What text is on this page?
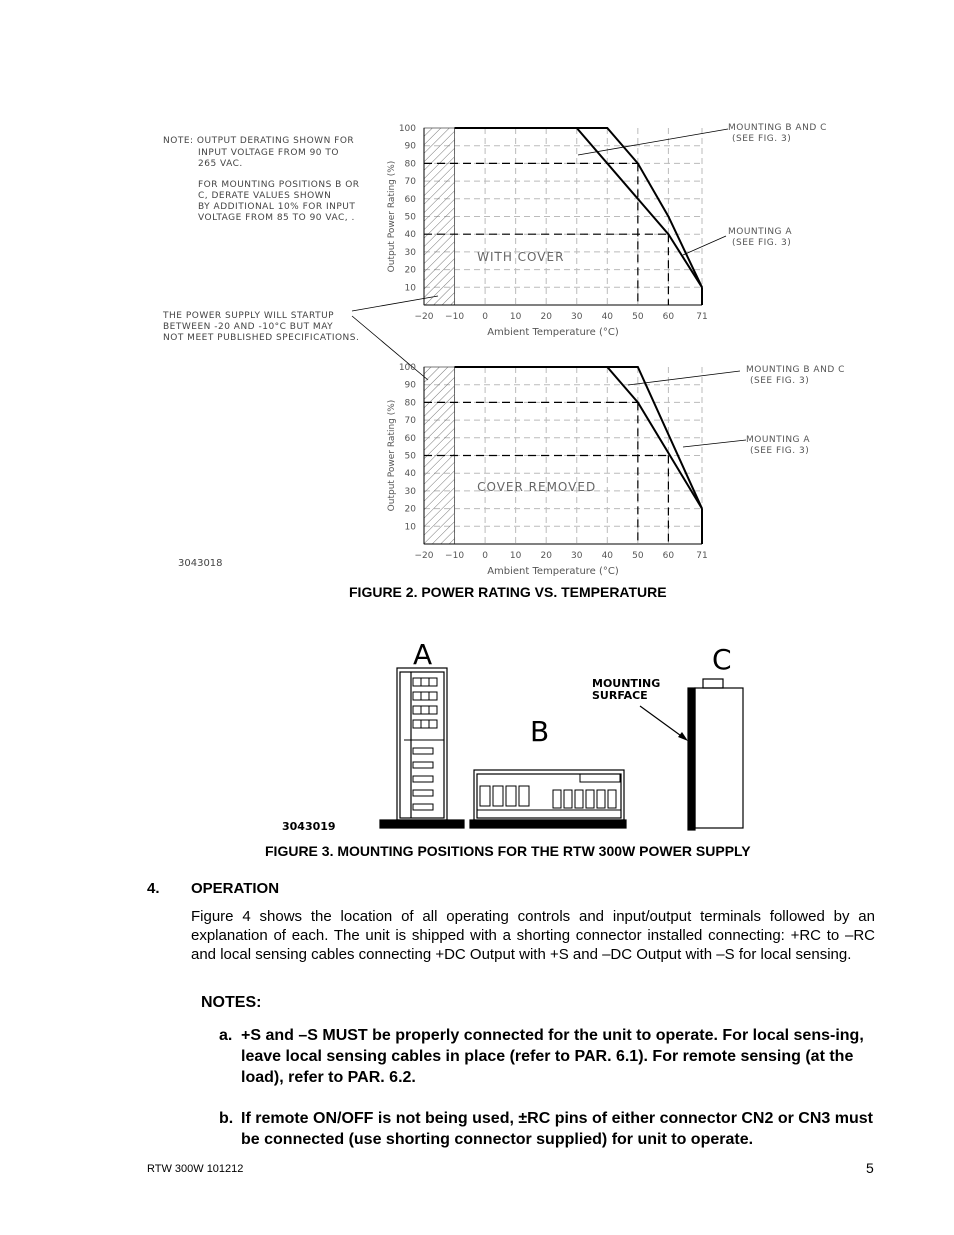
NOTE: OUTPUT DERATING SHOWN FOR
INPUT VOLTAGE FROM 90 TO
265 VAC.
FOR MOUNTING POSITIONS B OR
C, DERATE VALUES SHOWN
BY ADDITIONAL 10% FOR INPUT
VOLTAGE FROM 85 TO 90 VAC, .
THE POWER SUPPLY WILL STARTUP
BETWEEN -20 AND -10°C BUT MAY
NOT MEET PUBLISHED SPECIFICATIONS.
3043018
100
90
80
70
60
50
40
30
20
10
−20 −10 0 10 20 30 40 50 60 71
Ambient Temperature (°C)
Output Power Rating (%)	WITH COVER
MOUNTING B AND C
(SEE FIG. 3)
MOUNTING A
(SEE FIG. 3)
100
90
80
70
60
50
40
30
20
10
−20 −10 0 10 20 30 40 50 60 71
Ambient Temperature (°C)
Output Power Rating (%)	COVER REMOVED
MOUNTING B AND C
(SEE FIG. 3)
MOUNTING A
(SEE FIG. 3)
FIGURE 2. POWER RATING VS. TEMPERATURE
A
B
C
MOUNTING
SURFACE
3043019
FIGURE 3. MOUNTING POSITIONS FOR THE RTW 300W POWER SUPPLY
4. OPERATION
Figure 4 shows the location of all operating controls and input/output terminals followed by an explanation of each. The unit is shipped with a shorting connector installed connecting: +RC to –RC and local sensing cables connecting +DC Output with +S and –DC Output with –S for local sensing.
NOTES:
a. +S and –S MUST be properly connected for the unit to operate. For local sens-ing, leave local sensing cables in place (refer to PAR. 6.1). For remote sensing (at the load), refer to PAR. 6.2.
b. If remote ON/OFF is not being used, ±RC pins of either connector CN2 or CN3 must be connected (use shorting connector supplied) for unit to operate.
RTW 300W 101212	5
